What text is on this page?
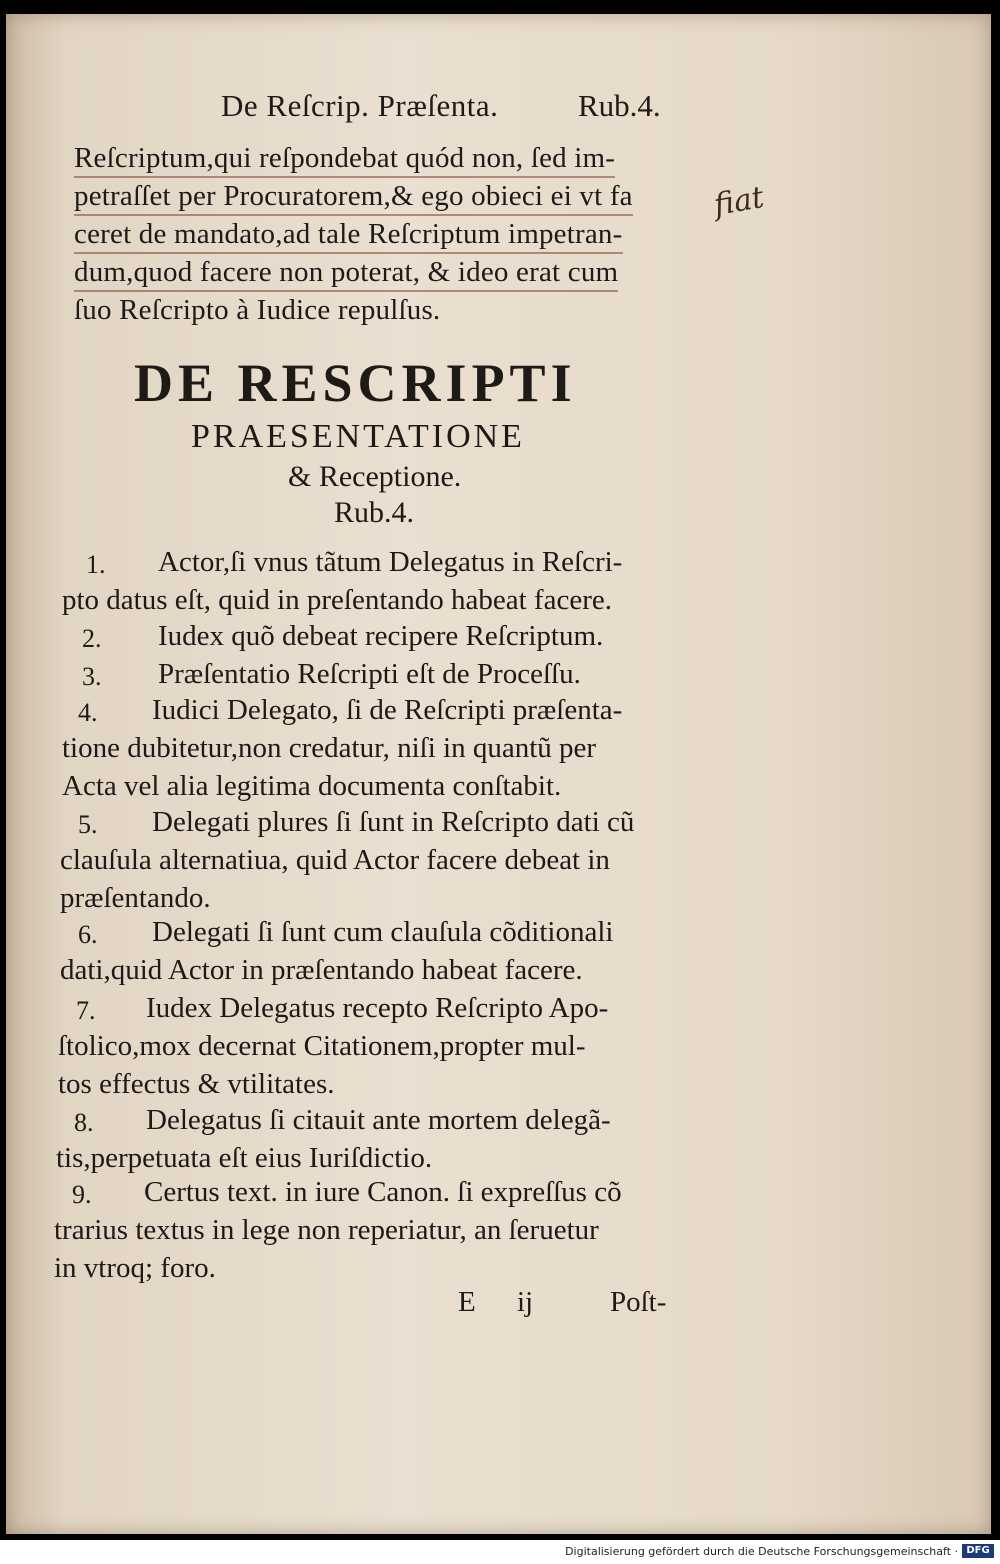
De Reſcrip. Præſenta.	Rub.4.
Reſcriptum,qui reſpondebat quód non, ſed im-
petraſſet per Procuratorem,& ego obieci ei vt fa
ceret de mandato,ad tale Reſcriptum impetran-
dum,quod facere non poterat, & ideo erat cum
ſuo Reſcripto à Iudice repulſus.
fiat
DE RESCRIPTI
PRAESENTATIONE
& Receptione.
Rub.4.
1. Actor,ſi vnus tãtum Delegatus in Reſcri-
pto datus eſt, quid in preſentando habeat facere.
2. Iudex quõ debeat recipere Reſcriptum.
3. Præſentatio Reſcripti eſt de Proceſſu.
4. Iudici Delegato, ſi de Reſcripti præſenta-
tione dubitetur,non credatur, niſi in quantũ per
Acta vel alia legitima documenta conſtabit.
5. Delegati plures ſi ſunt in Reſcripto dati cũ
clauſula alternatiua, quid Actor facere debeat in
præſentando.
6. Delegati ſi ſunt cum clauſula cõditionali
dati,quid Actor in præſentando habeat facere.
7. Iudex Delegatus recepto Reſcripto Apo-
ſtolico,mox decernat Citationem,propter mul-
tos effectus & vtilitates.
8. Delegatus ſi citauit ante mortem delegã-
tis,perpetuata eſt eius Iuriſdictio.
9. Certus text. in iure Canon. ſi expreſſus cõ
trarius textus in lege non reperiatur, an ſeruetur
in vtroq; foro.
E ij	Poſt-
Digitalisierung gefördert durch die Deutsche Forschungsgemeinschaft · DFG
